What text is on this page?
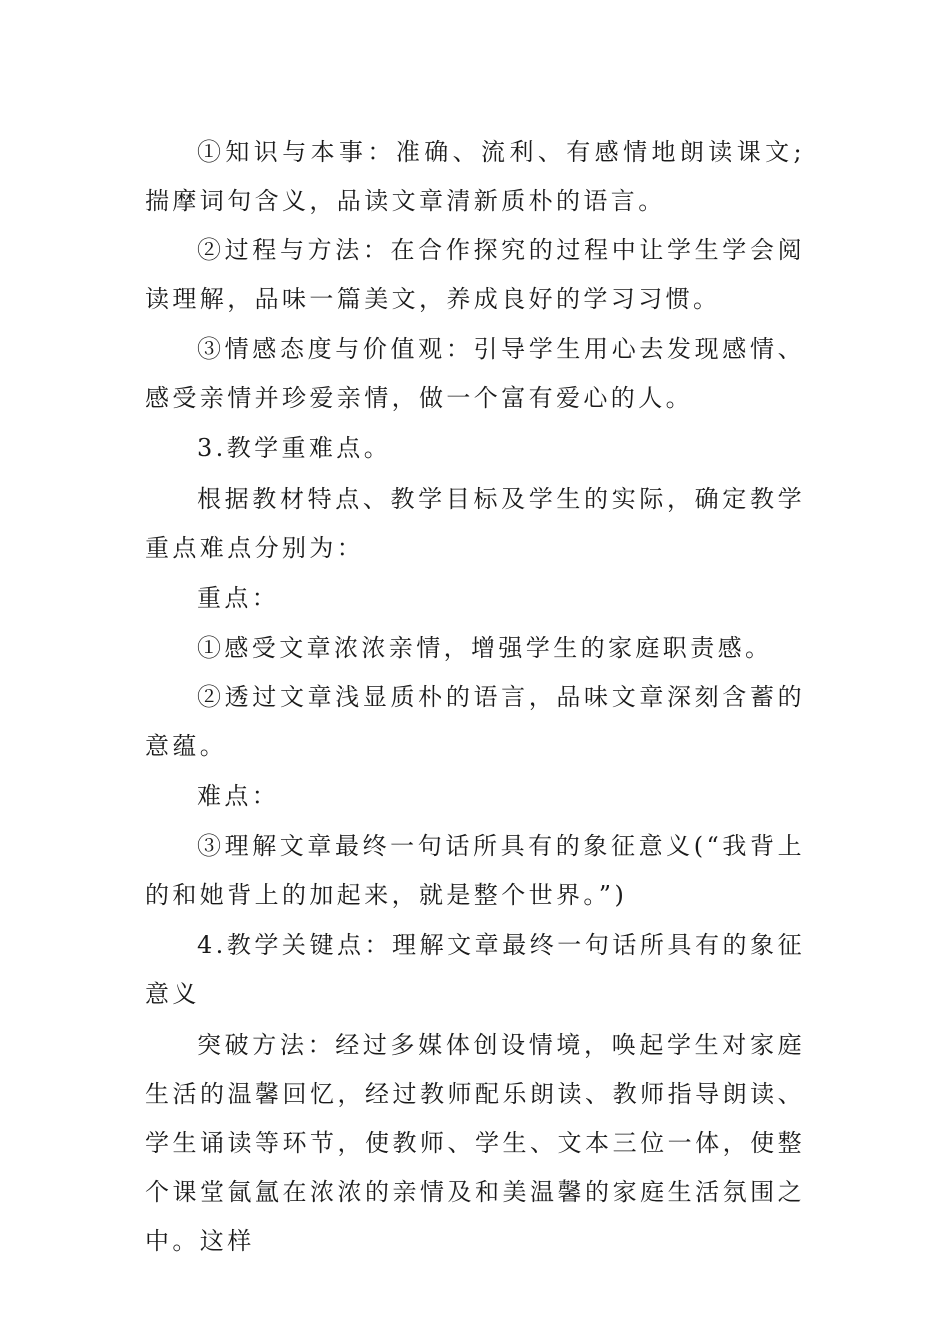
①知识与本事：准确、流利、有感情地朗读课文;揣摩词句含义，品读文章清新质朴的语言。

②过程与方法：在合作探究的过程中让学生学会阅读理解，品味一篇美文，养成良好的学习习惯。

③情感态度与价值观：引导学生用心去发现感情、感受亲情并珍爱亲情，做一个富有爱心的人。

3.教学重难点。

根据教材特点、教学目标及学生的实际，确定教学重点难点分别为：

重点：

①感受文章浓浓亲情，增强学生的家庭职责感。

②透过文章浅显质朴的语言，品味文章深刻含蓄的意蕴。

难点：

③理解文章最终一句话所具有的象征意义(“我背上的和她背上的加起来，就是整个世界。”)

4.教学关键点：理解文章最终一句话所具有的象征意义

突破方法：经过多媒体创设情境，唤起学生对家庭生活的温馨回忆，经过教师配乐朗读、教师指导朗读、学生诵读等环节，使教师、学生、文本三位一体，使整个课堂氤氲在浓浓的亲情及和美温馨的家庭生活氛围之中。这样
